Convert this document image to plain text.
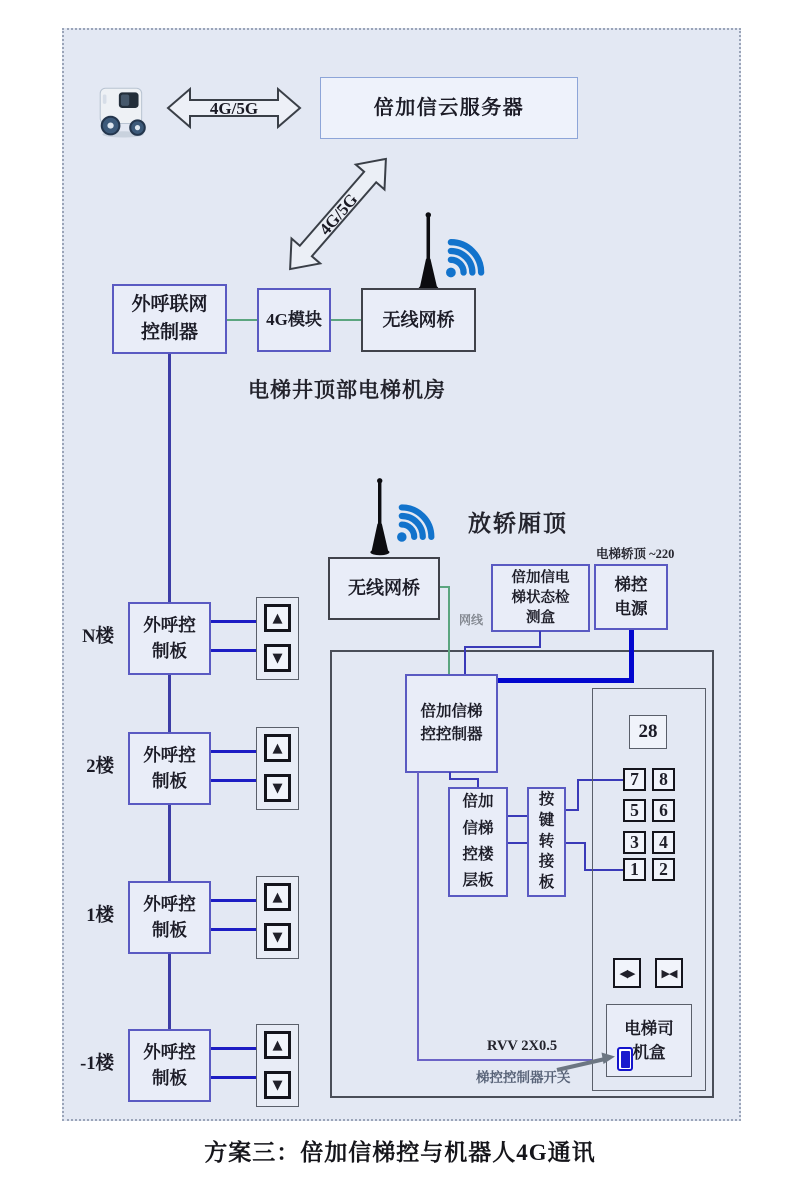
4G/5G	倍加信云服务器
4G/5G
外呼联网
控制器
4G模块	无线网桥
电梯井顶部电梯机房
放轿厢顶
电梯轿顶 ~220
无线网桥
倍加信电
梯状态检
测盒
梯控
电源
网线
倍加信梯
控控制器
倍加
信梯
控楼
层板
按
键
转
接
板
28
7 8
5 6
3 4
1 2
◀▶ ▶◀
电梯司
机盒
RVV 2X0.5
梯控控制器开关
N楼
外呼控
制板
▲
▼
2楼
外呼控
制板
▲
▼
1楼
外呼控
制板
▲
▼
-1楼
外呼控
制板
▲
▼
方案三：倍加信梯控与机器人4G通讯
